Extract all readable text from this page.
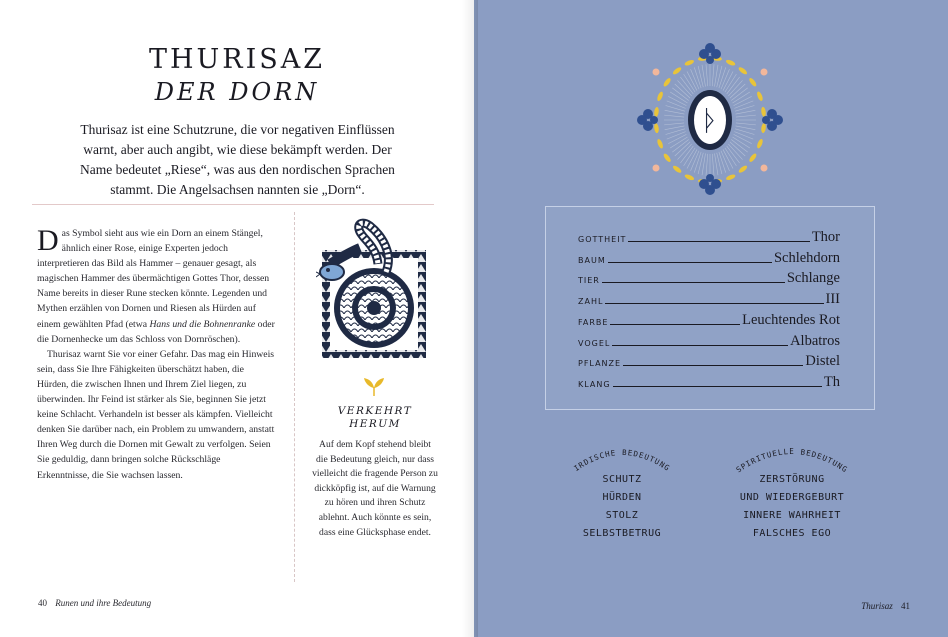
THURISAZ
DER DORN
Thurisaz ist eine Schutzrune, die vor negativen Einflüssen warnt, aber auch angibt, wie diese bekämpft werden. Der Name bedeutet „Riese“, was aus den nordischen Sprachen stammt. Die Angelsachsen nannten sie „Dorn“.

Das Symbol sieht aus wie ein Dorn an einem Stängel, ähnlich einer Rose, einige Experten jedoch interpretieren das Bild als Hammer – genauer gesagt, als magischen Hammer des übermächtigen Gottes Thor, dessen Name bereits in dieser Rune stecken könnte. Legenden und Mythen erzählen von Dornen und Riesen als Hürden auf einem gewählten Pfad (etwa Hans und die Bohnenranke oder die Dornenhecke um das Schloss von Dornröschen).

Thurisaz warnt Sie vor einer Gefahr. Das mag ein Hinweis sein, dass Sie Ihre Fähigkeiten überschätzt haben, die Hürden, die zwischen Ihnen und Ihrem Ziel liegen, zu überwinden. Ihr Feind ist stärker als Sie, beginnen Sie jetzt keine Schlacht. Verhandeln ist besser als kämpfen. Vielleicht denken Sie darüber nach, ein Problem zu umwandern, anstatt Ihren Weg durch die Dornen mit Gewalt zu verfolgen. Seien Sie geduldig, dann bringen solche Rückschläge Erkenntnisse, die Sie wachsen lassen.

VERKEHRT
HERUM
Auf dem Kopf stehend bleibt die Bedeutung gleich, nur dass vielleicht die fragende Person zu dickköpfig ist, auf die Warnung zu hören und ihren Schutz ablehnt. Auch könnte es sein, dass eine Glücksphase endet.
40 Runen und ihre Bedeutung
ᚦ
GOTTHEIT	Thor
BAUM	Schlehdorn
TIER	Schlange
ZAHL	III
FARBE	Leuchtendes Rot
VOGEL	Albatros
PFLANZE	Distel
KLANG	Th
IRDISCHE BEDEUTUNG	SPIRITUELLE BEDEUTUNG
SCHUTZ
HÜRDEN
STOLZ
SELBSTBETRUG
ZERSTÖRUNG
UND WIEDERGEBURT
INNERE WAHRHEIT
FALSCHES EGO
Thurisaz 41
